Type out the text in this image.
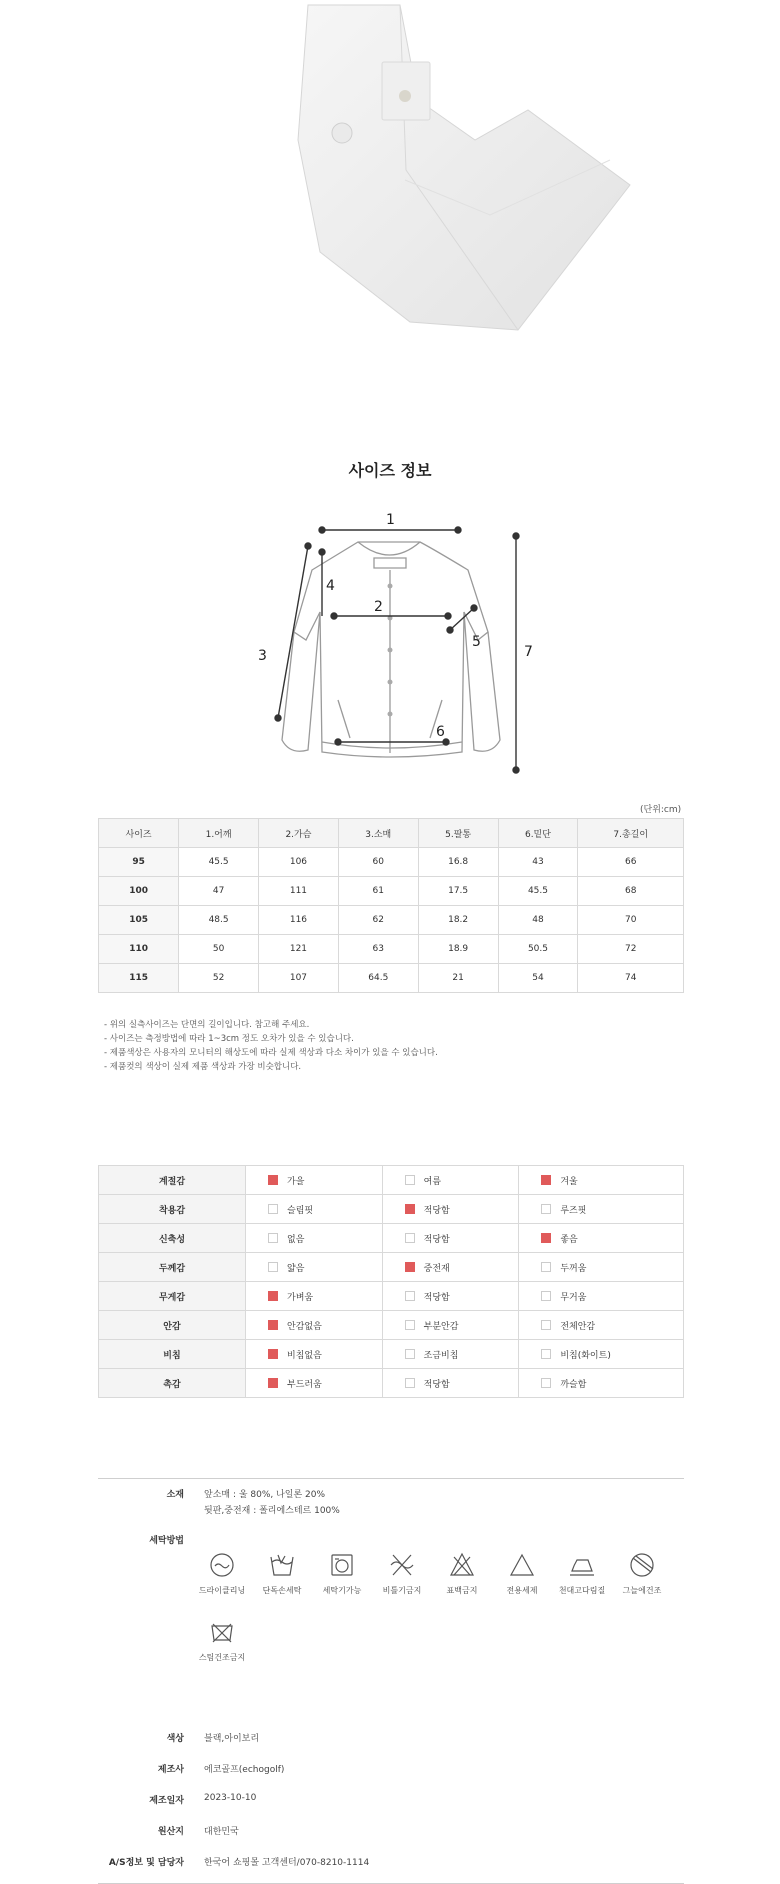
사이즈 정보
1
2
3
4
5
6
7
(단위:cm)
사이즈	1.어깨	2.가슴	3.소매	5.팔통	6.밑단	7.총길이
95	45.5	106	60	16.8	43	66
100	47	111	61	17.5	45.5	68
105	48.5	116	62	18.2	48	70
110	50	121	63	18.9	50.5	72
115	52	107	64.5	21	54	74
- 위의 실측사이즈는 단면의 길이입니다. 참고해 주세요.
- 사이즈는 측정방법에 따라 1~3cm 정도 오차가 있을 수 있습니다.
- 제품색상은 사용자의 모니터의 해상도에 따라 실제 색상과 다소 차이가 있을 수 있습니다.
- 제품컷의 색상이 실제 제품 색상과 가장 비슷합니다.
계절감	가을	여름	겨울
착용감	슬림핏	적당함	루즈핏
신축성	없음	적당함	좋음
두께감	얇음	중전재	두꺼움
무게감	가벼움	적당함	무거움
안감	안감없음	부분안감	전체안감
비침	비침없음	조금비침	비침(화이트)
촉감	부드러움	적당함	까슬함
소재 앞소매 : 울 80%, 나일론 20%
뒷판,중전재 : 폴리에스테르 100%
세탁방법
드라이클리닝	단독손세탁	세탁기가능	비틀기금지	표백금지	전용세제	천대고다림질	그늘에건조
스팀건조금지
색상	블랙,아이보리
제조사	에코골프(echogolf)
제조일자	2023-10-10
원산지	대한민국
A/S정보 및 담당자	한국어 쇼핑몰 고객센터/070-8210-1114
